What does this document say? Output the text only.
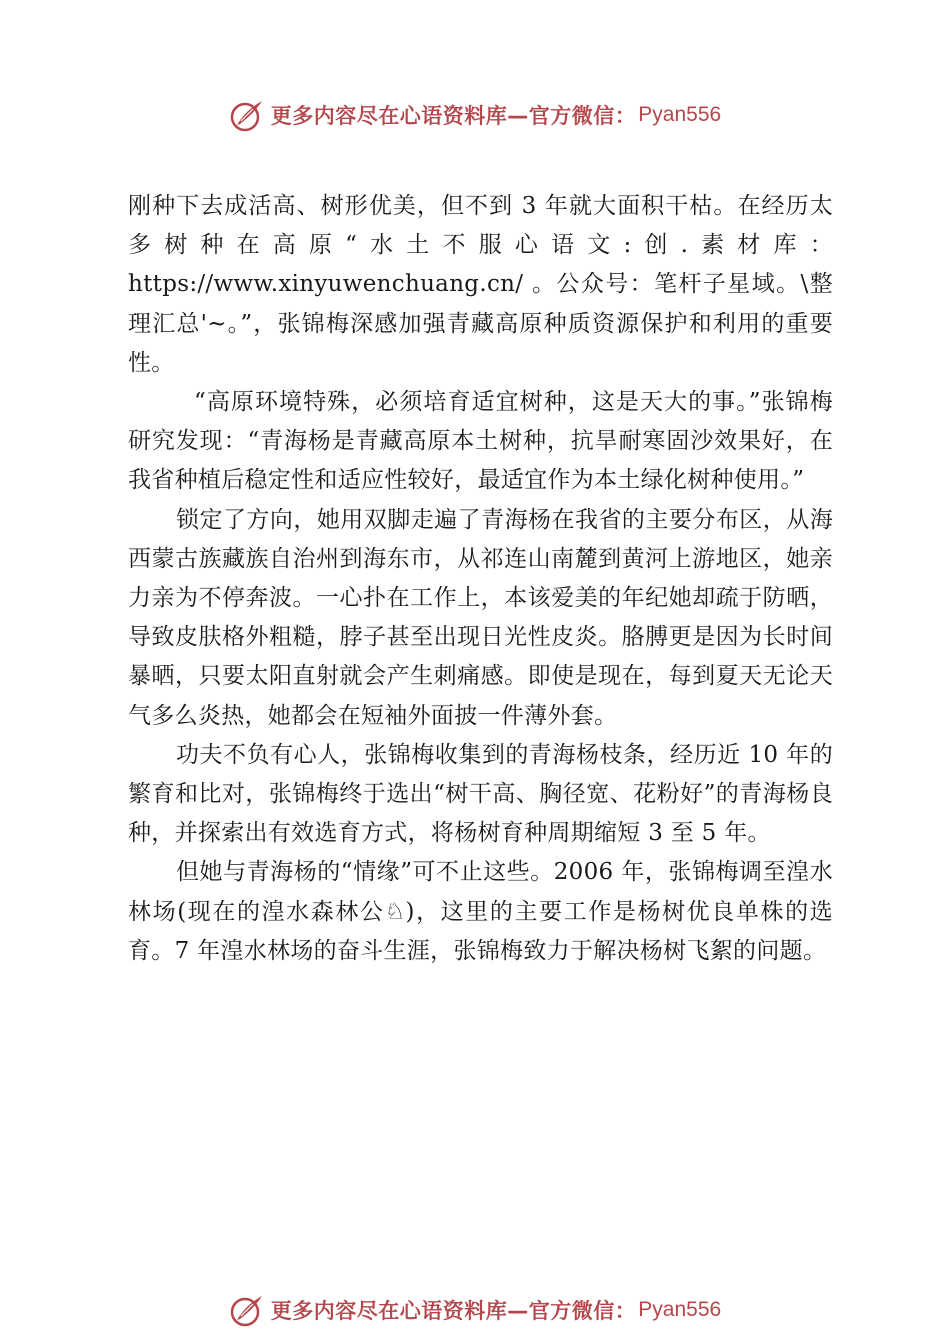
更多内容尽在心语资料库—官方微信： Pyan556

刚种下去成活高、树形优美，但不到 3 年就大面积干枯。在经历太多树种在高原“水土不服心语文:创.素材库：https://www.xinyuwenchuang.cn/ 。公众号：笔杆子星域。\整理汇总'~。”，张锦梅深感加强青藏高原种质资源保护和利用的重要性。

“高原环境特殊，必须培育适宜树种，这是天大的事。”张锦梅研究发现：“青海杨是青藏高原本土树种，抗旱耐寒固沙效果好，在我省种植后稳定性和适应性较好，最适宜作为本土绿化树种使用。”

锁定了方向，她用双脚走遍了青海杨在我省的主要分布区，从海西蒙古族藏族自治州到海东市，从祁连山南麓到黄河上游地区，她亲力亲为不停奔波。一心扑在工作上，本该爱美的年纪她却疏于防晒，导致皮肤格外粗糙，脖子甚至出现日光性皮炎。胳膊更是因为长时间暴晒，只要太阳直射就会产生刺痛感。即使是现在，每到夏天无论天气多么炎热，她都会在短袖外面披一件薄外套。

功夫不负有心人，张锦梅收集到的青海杨枝条，经历近 10 年的繁育和比对，张锦梅终于选出“树干高、胸径宽、花粉好”的青海杨良种，并探索出有效选育方式，将杨树育种周期缩短 3 至 5 年。

但她与青海杨的“情缘”可不止这些。2006 年，张锦梅调至湟水林场(现在的湟水森林公♘)，这里的主要工作是杨树优良单株的选育。7 年湟水林场的奋斗生涯，张锦梅致力于解决杨树飞絮的问题。

更多内容尽在心语资料库—官方微信： Pyan556
